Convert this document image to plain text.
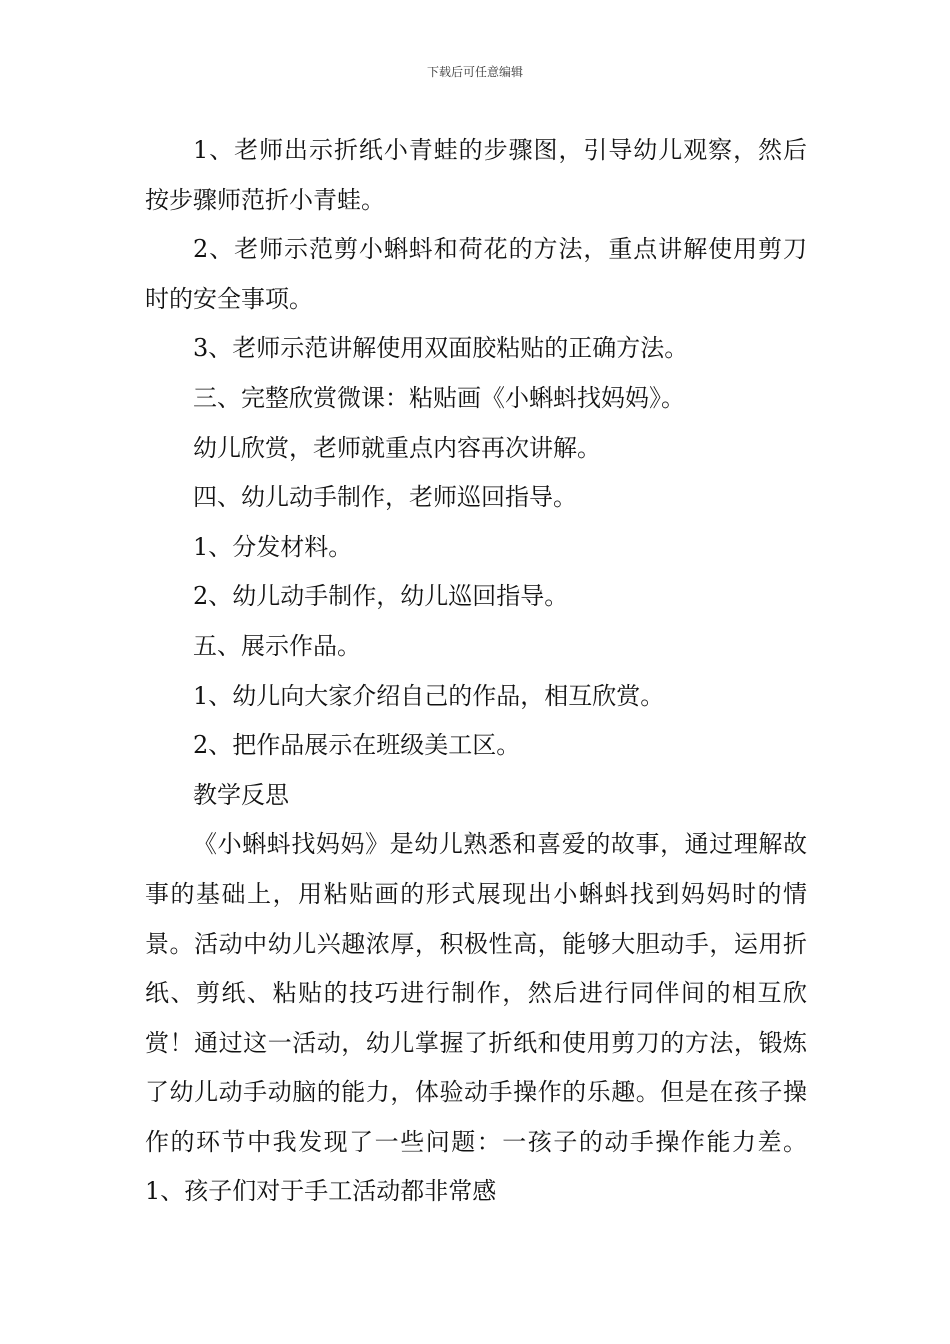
下载后可任意编辑

1、老师出示折纸小青蛙的步骤图，引导幼儿观察，然后按步骤师范折小青蛙。

2、老师示范剪小蝌蚪和荷花的方法，重点讲解使用剪刀时的安全事项。

3、老师示范讲解使用双面胶粘贴的正确方法。

三、完整欣赏微课：粘贴画《小蝌蚪找妈妈》。

幼儿欣赏，老师就重点内容再次讲解。

四、幼儿动手制作，老师巡回指导。

1、分发材料。

2、幼儿动手制作，幼儿巡回指导。

五、展示作品。

1、幼儿向大家介绍自己的作品，相互欣赏。

2、把作品展示在班级美工区。

教学反思

《小蝌蚪找妈妈》是幼儿熟悉和喜爱的故事，通过理解故事的基础上，用粘贴画的形式展现出小蝌蚪找到妈妈时的情景。活动中幼儿兴趣浓厚，积极性高，能够大胆动手，运用折纸、剪纸、粘贴的技巧进行制作，然后进行同伴间的相互欣赏！通过这一活动，幼儿掌握了折纸和使用剪刀的方法，锻炼了幼儿动手动脑的能力，体验动手操作的乐趣。但是在孩子操作的环节中我发现了一些问题：一孩子的动手操作能力差。1、孩子们对于手工活动都非常感
